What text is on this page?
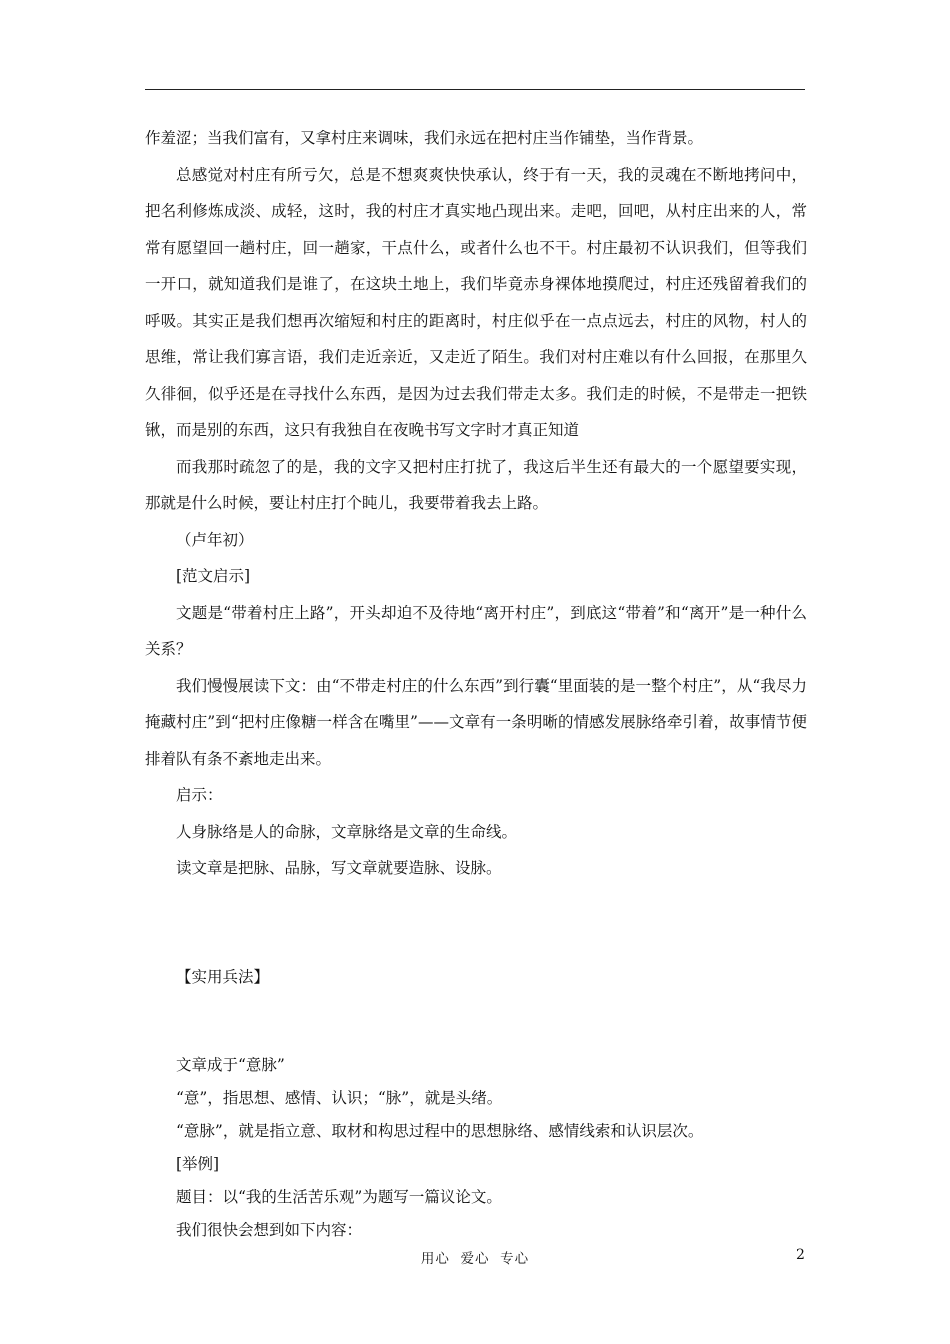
作羞涩；当我们富有，又拿村庄来调味，我们永远在把村庄当作铺垫，当作背景。

总感觉对村庄有所亏欠，总是不想爽爽快快承认，终于有一天，我的灵魂在不断地拷问中，把名利修炼成淡、成轻，这时，我的村庄才真实地凸现出来。走吧，回吧，从村庄出来的人，常常有愿望回一趟村庄，回一趟家，干点什么，或者什么也不干。村庄最初不认识我们，但等我们一开口，就知道我们是谁了，在这块土地上，我们毕竟赤身裸体地摸爬过，村庄还残留着我们的呼吸。其实正是我们想再次缩短和村庄的距离时，村庄似乎在一点点远去，村庄的风物，村人的思维，常让我们寡言语，我们走近亲近，又走近了陌生。我们对村庄难以有什么回报，在那里久久徘徊，似乎还是在寻找什么东西，是因为过去我们带走太多。我们走的时候，不是带走一把铁锹，而是别的东西，这只有我独自在夜晚书写文字时才真正知道

而我那时疏忽了的是，我的文字又把村庄打扰了，我这后半生还有最大的一个愿望要实现，那就是什么时候，要让村庄打个盹儿，我要带着我去上路。

（卢年初）

[范文启示]

文题是“带着村庄上路”，开头却迫不及待地“离开村庄”，到底这“带着”和“离开”是一种什么关系？

我们慢慢展读下文：由“不带走村庄的什么东西”到行囊“里面装的是一整个村庄”，从“我尽力掩藏村庄”到“把村庄像糖一样含在嘴里”——文章有一条明晰的情感发展脉络牵引着，故事情节便排着队有条不紊地走出来。

启示：

人身脉络是人的命脉，文章脉络是文章的生命线。

读文章是把脉、品脉，写文章就要造脉、设脉。

【实用兵法】

文章成于“意脉”

“意”，指思想、感情、认识；“脉”，就是头绪。

“意脉”，就是指立意、取材和构思过程中的思想脉络、感情线索和认识层次。

[举例]

题目：以“我的生活苦乐观”为题写一篇议论文。

我们很快会想到如下内容：

用心  爱心  专心	2
